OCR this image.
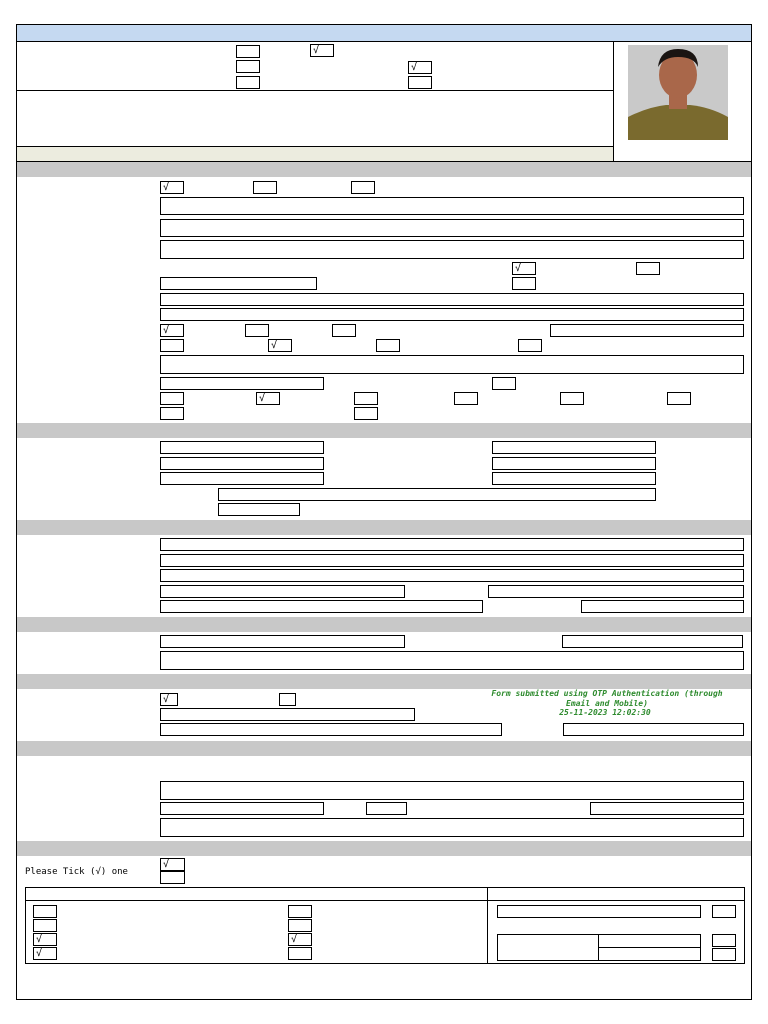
√
√
√
√
√
√
√
√
Form submitted using OTP Authentication (through Email and Mobile)
25-11-2023 12:02:30
Please Tick (√) one
√
√
√
√
